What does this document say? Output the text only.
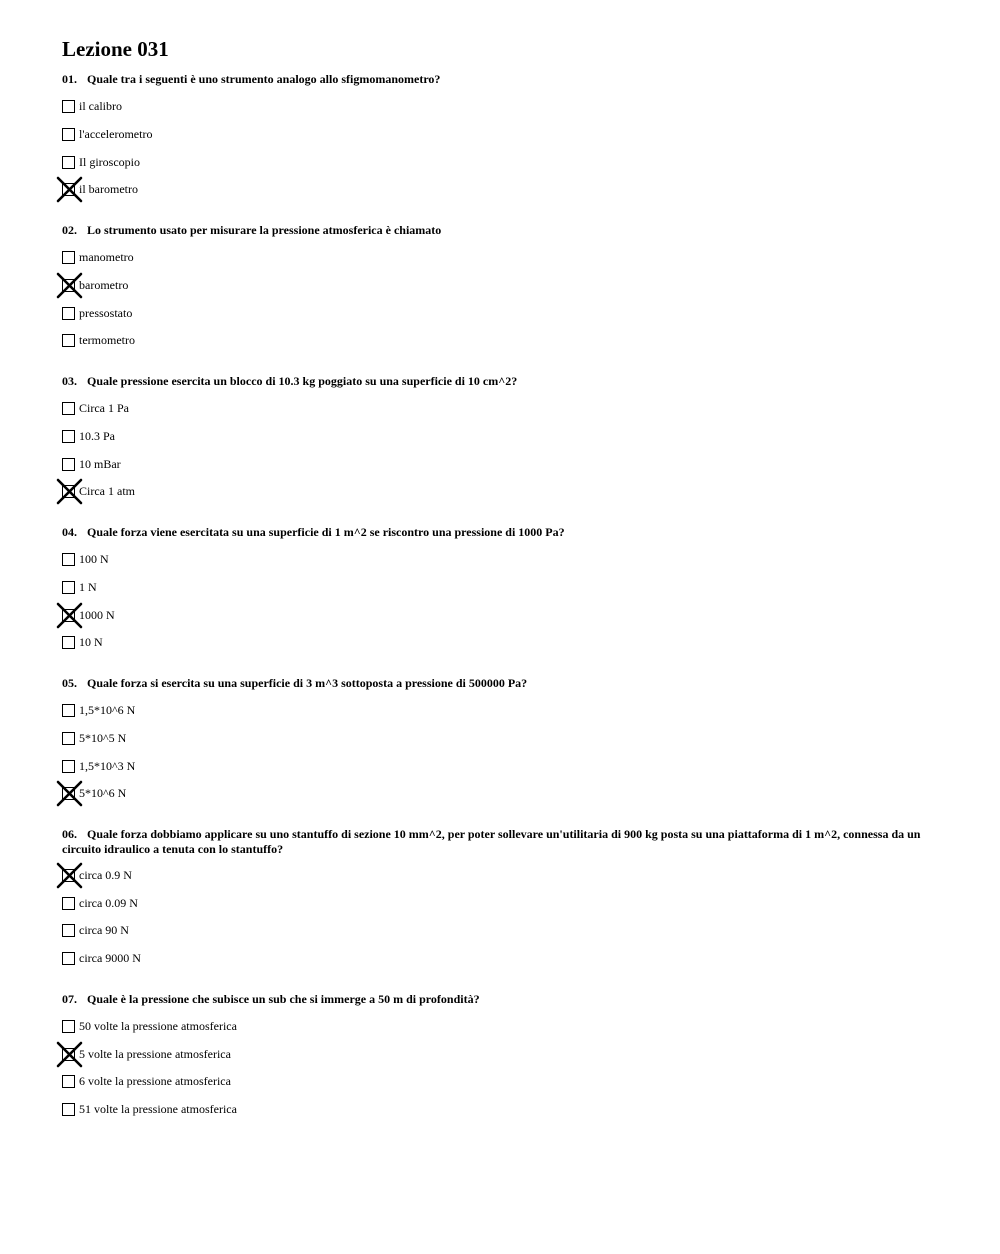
Lezione 031
01. Quale tra i seguenti è uno strumento analogo allo sfigmomanometro?
il calibro
l'accelerometro
Il giroscopio
il barometro
02. Lo strumento usato per misurare la pressione atmosferica è chiamato
manometro
barometro
pressostato
termometro
03. Quale pressione esercita un blocco di 10.3 kg poggiato su una superficie di 10 cm^2?
Circa 1 Pa
10.3 Pa
10 mBar
Circa 1 atm
04. Quale forza viene esercitata su una superficie di 1 m^2 se riscontro una pressione di 1000 Pa?
100 N
1 N
1000 N
10 N
05. Quale forza si esercita su una superficie di 3 m^3 sottoposta a pressione di 500000 Pa?
1,5*10^6 N
5*10^5 N
1,5*10^3 N
5*10^6 N
06. Quale forza dobbiamo applicare su uno stantuffo di sezione 10 mm^2, per poter sollevare un'utilitaria di 900 kg posta su una piattaforma di 1 m^2, connessa da un circuito idraulico a tenuta con lo stantuffo?
circa 0.9 N
circa 0.09 N
circa 90 N
circa 9000 N
07. Quale è la pressione che subisce un sub che si immerge a 50 m di profondità?
50 volte la pressione atmosferica
5 volte la pressione atmosferica
6 volte la pressione atmosferica
51 volte la pressione atmosferica
